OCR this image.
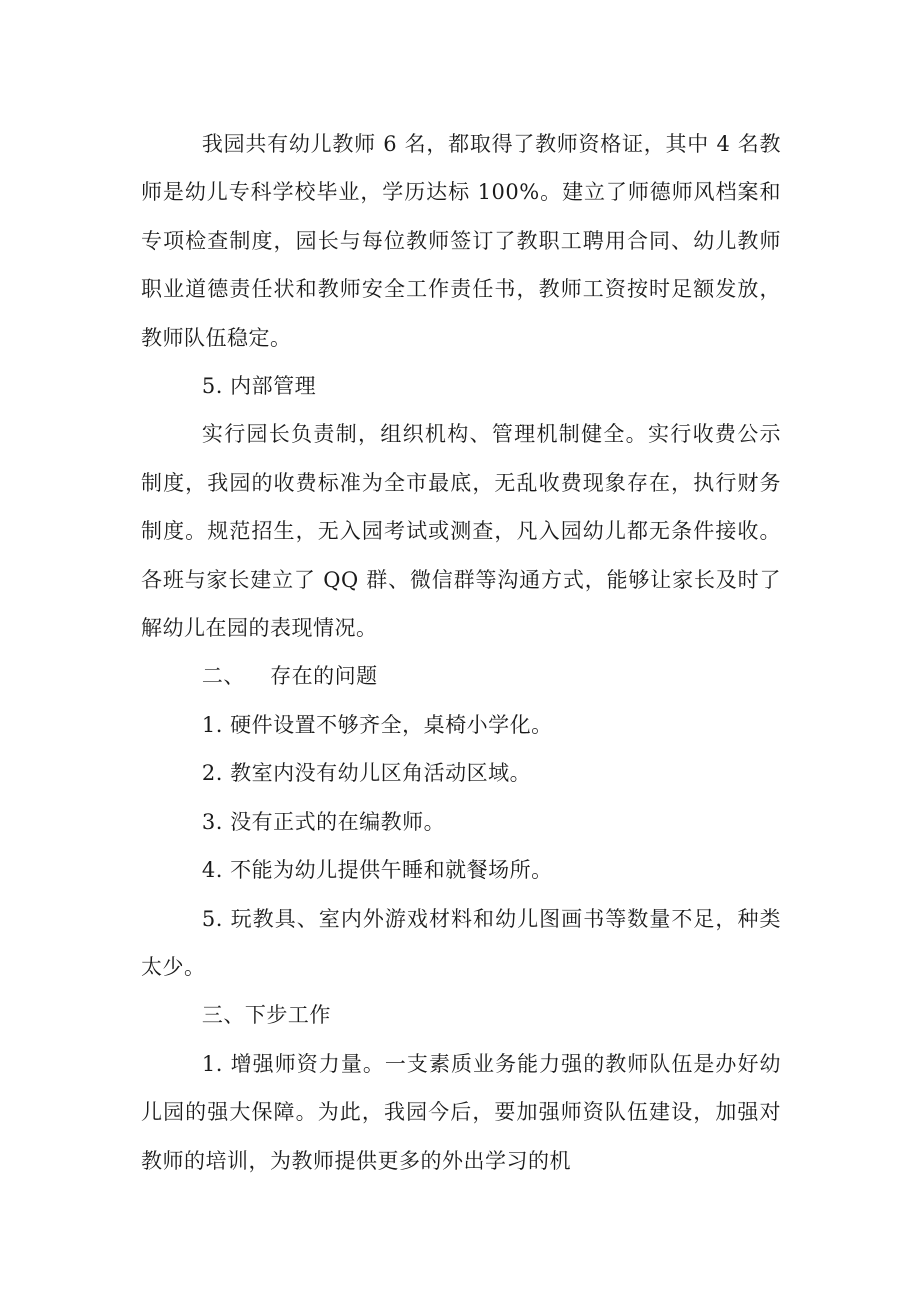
我园共有幼儿教师 6 名，都取得了教师资格证，其中 4 名教师是幼儿专科学校毕业，学历达标 100%。建立了师德师风档案和专项检查制度，园长与每位教师签订了教职工聘用合同、幼儿教师职业道德责任状和教师安全工作责任书，教师工资按时足额发放，教师队伍稳定。

5. 内部管理

实行园长负责制，组织机构、管理机制健全。实行收费公示制度，我园的收费标准为全市最底，无乱收费现象存在，执行财务制度。规范招生，无入园考试或测查，凡入园幼儿都无条件接收。各班与家长建立了 QQ 群、微信群等沟通方式，能够让家长及时了解幼儿在园的表现情况。

二、 存在的问题

1. 硬件设置不够齐全，桌椅小学化。

2. 教室内没有幼儿区角活动区域。

3. 没有正式的在编教师。

4. 不能为幼儿提供午睡和就餐场所。

5. 玩教具、室内外游戏材料和幼儿图画书等数量不足，种类太少。

三、下步工作

1. 增强师资力量。一支素质业务能力强的教师队伍是办好幼儿园的强大保障。为此，我园今后，要加强师资队伍建设，加强对教师的培训，为教师提供更多的外出学习的机
